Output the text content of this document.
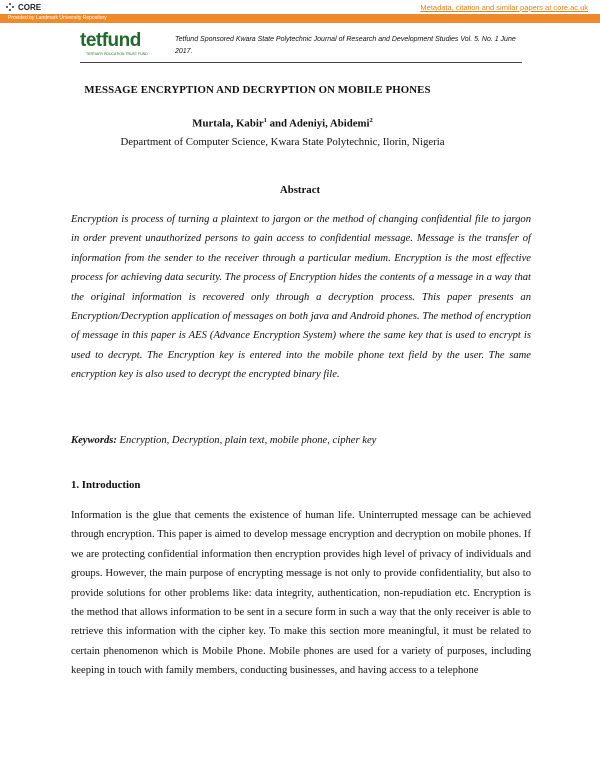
CORE	Metadata, citation and similar papers at core.ac.uk
Provided by Landmark University Repository
tetfund
TERTIARY EDUCATION TRUST FUND
Tetfund Sponsored Kwara State Polytechnic Journal of Research and Development Studies Vol. 5. No. 1 June 2017.
MESSAGE ENCRYPTION AND DECRYPTION ON MOBILE PHONES
Murtala, Kabir$^1$ and Adeniyi, Abidemi$^2$
Department of Computer Science, Kwara State Polytechnic, Ilorin, Nigeria
Abstract
Encryption is process of turning a plaintext to jargon or the method of changing confidential file to jargon in order prevent unauthorized persons to gain access to confidential message. Message is the transfer of information from the sender to the receiver through a particular medium. Encryption is the most effective process for achieving data security. The process of Encryption hides the contents of a message in a way that the original information is recovered only through a decryption process. This paper presents an Encryption/Decryption application of messages on both java and Android phones. The method of encryption of message in this paper is AES (Advance Encryption System) where the same key that is used to encrypt is used to decrypt. The Encryption key is entered into the mobile phone text field by the user. The same encryption key is also used to decrypt the encrypted binary file.
Keywords: Encryption, Decryption, plain text, mobile phone, cipher key
1. Introduction
Information is the glue that cements the existence of human life. Uninterrupted message can be achieved through encryption. This paper is aimed to develop message encryption and decryption on mobile phones. If we are protecting confidential information then encryption provides high level of privacy of individuals and groups. However, the main purpose of encrypting message is not only to provide confidentiality, but also to provide solutions for other problems like: data integrity, authentication, non-repudiation etc. Encryption is the method that allows information to be sent in a secure form in such a way that the only receiver is able to retrieve this information with the cipher key. To make this section more meaningful, it must be related to certain phenomenon which is Mobile Phone. Mobile phones are used for a variety of purposes, including keeping in touch with family members, conducting businesses, and having access to a telephone
